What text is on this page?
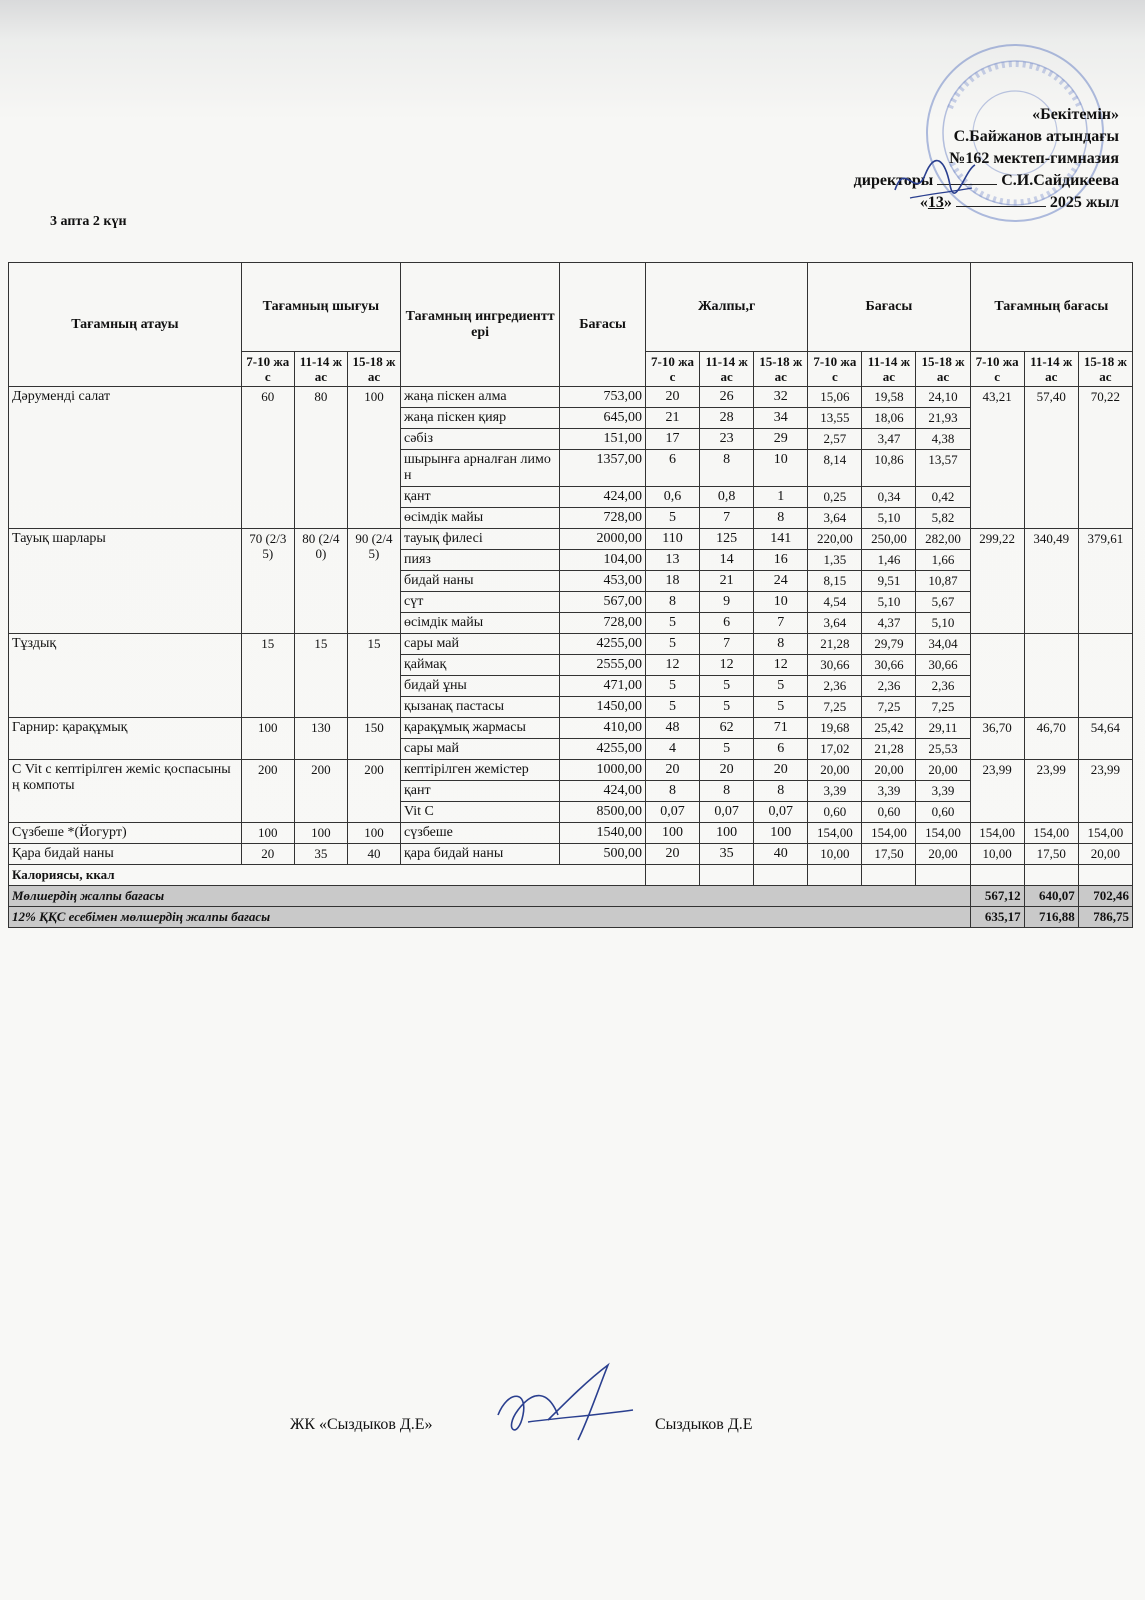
«Бекітемін»
С.Байжанов атындағы
№162 мектеп-гимназия
директоры	С.И.Сайдикеева
«13»	2025 жыл
3 апта 2 күн
Тағамның атауы	Тағамның шығуы			Тағамның ингредиенттері	Бағасы	Жалпы,г			Бағасы			Тағамның бағасы		
	7-10 жас	11-14 жас	15-18 жас			7-10 жас	11-14 жас	15-18 жас	7-10 жас	11-14 жас	15-18 жас	7-10 жас	11-14 жас	15-18 жас
Дәруменді салат	60	80	100	жаңа піскен алма	753,00	20	26	32	15,06	19,58	24,10	43,21	57,40	70,22
				жаңа піскен қияр	645,00	21	28	34	13,55	18,06	21,93			
				сәбіз	151,00	17	23	29	2,57	3,47	4,38			
				шырынға арналған лимон	1357,00	6	8	10	8,14	10,86	13,57			
				қант	424,00	0,6	0,8	1	0,25	0,34	0,42			
				өсімдік майы	728,00	5	7	8	3,64	5,10	5,82			
Тауық шарлары	70 (2/35)	80 (2/40)	90 (2/45)	тауық филесі	2000,00	110	125	141	220,00	250,00	282,00	299,22	340,49	379,61
				пияз	104,00	13	14	16	1,35	1,46	1,66			
				бидай наны	453,00	18	21	24	8,15	9,51	10,87			
				сүт	567,00	8	9	10	4,54	5,10	5,67			
				өсімдік майы	728,00	5	6	7	3,64	4,37	5,10			
Тұздық	15	15	15	сары май	4255,00	5	7	8	21,28	29,79	34,04			
				қаймақ	2555,00	12	12	12	30,66	30,66	30,66			
				бидай ұны	471,00	5	5	5	2,36	2,36	2,36			
				қызанақ пастасы	1450,00	5	5	5	7,25	7,25	7,25			
Гарнир: қарақұмық	100	130	150	қарақұмық жармасы	410,00	48	62	71	19,68	25,42	29,11	36,70	46,70	54,64
				сары май	4255,00	4	5	6	17,02	21,28	25,53			
С Vit с кептірілген жеміс қоспасының компоты	200	200	200	кептірілген жемістер	1000,00	20	20	20	20,00	20,00	20,00	23,99	23,99	23,99
				қант	424,00	8	8	8	3,39	3,39	3,39			
				Vit C	8500,00	0,07	0,07	0,07	0,60	0,60	0,60			
Сүзбеше *(Йогурт)	100	100	100	сүзбеше	1540,00	100	100	100	154,00	154,00	154,00	154,00	154,00	154,00
Қара бидай наны	20	35	40	қара бидай наны	500,00	20	35	40	10,00	17,50	20,00	10,00	17,50	20,00
Калориясы, ккал														
Мөлшердің жалпы бағасы												567,12	640,07	702,46
12% ҚҚС есебімен мөлшердің жалпы бағасы												635,17	716,88	786,75
ЖК «Сыздыков Д.Е»	Сыздыков Д.Е
